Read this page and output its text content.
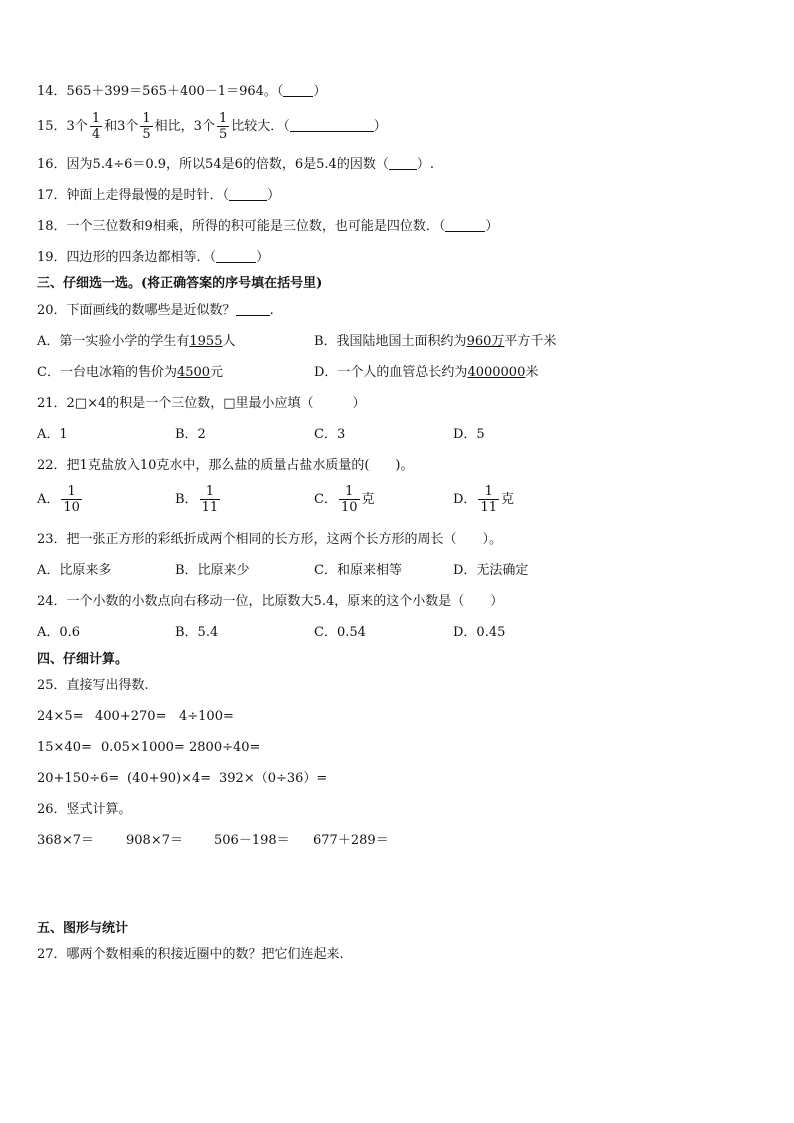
14．565＋399＝565＋400－1＝964。（ ）
15．3个 $\frac{1}{4}$ 和3个 $\frac{1}{5}$ 相比，3个 $\frac{1}{5}$ 比较大．（	）
16．因为5.4÷6＝0.9，所以54是6的倍数，6是5.4的因数（ ）.
17．钟面上走得最慢的是时针．（	）
18．一个三位数和9相乘，所得的积可能是三位数，也可能是四位数．（	）
19．四边形的四条边都相等．（	）
三、仔细选一选。(将正确答案的序号填在括号里)
20．下面画线的数哪些是近似数？	.
A．第一实验小学的学生有1955人	B．我国陆地国土面积约为960万平方千米
C．一台电冰箱的售价为4500元	D．一个人的血管总长约为4000000米
21．2□×4的积是一个三位数，□里最小应填（　　　）
A．1	B．2	C．3	D．5
22．把1克盐放入10克水中，那么盐的质量占盐水质量的(　　)。
A． $\frac{1}{10}$	B． $\frac{1}{11}$	C． $\frac{1}{10}$ 克	D． $\frac{1}{11}$ 克
23．把一张正方形的彩纸折成两个相同的长方形，这两个长方形的周长（　　）。
A．比原来多	B．比原来少	C．和原来相等	D．无法确定
24．一个小数的小数点向右移动一位，比原数大5.4，原来的这个小数是（　　）
A．0.6	B．5.4	C．0.54	D．0.45
四、仔细计算。
25．直接写出得数.
24×5= 400+270= 4÷100=
15×40= 0.05×1000= 2800÷40=
20+150÷6= (40+90)×4= 392×（0÷36）=
26．竖式计算。
368×7＝ 908×7＝ 506－198＝ 677＋289＝
五、图形与统计
27．哪两个数相乘的积接近圈中的数？把它们连起来.
